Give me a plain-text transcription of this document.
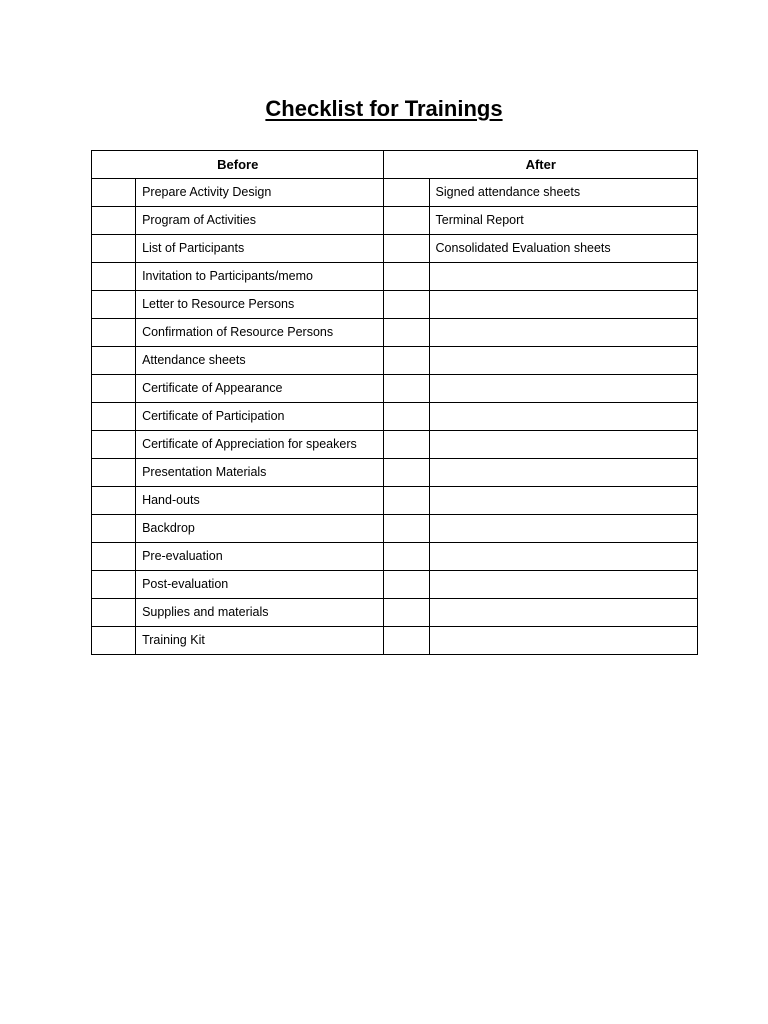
Checklist for Trainings
Before		After	
	Prepare Activity Design		Signed attendance sheets
	Program of Activities		Terminal Report
	List of Participants		Consolidated Evaluation sheets
	Invitation to Participants/memo		
	Letter to Resource Persons		
	Confirmation of Resource Persons		
	Attendance sheets		
	Certificate of Appearance		
	Certificate of Participation		
	Certificate of Appreciation for speakers		
	Presentation Materials		
	Hand-outs		
	Backdrop		
	Pre-evaluation		
	Post-evaluation		
	Supplies and materials		
	Training Kit		
